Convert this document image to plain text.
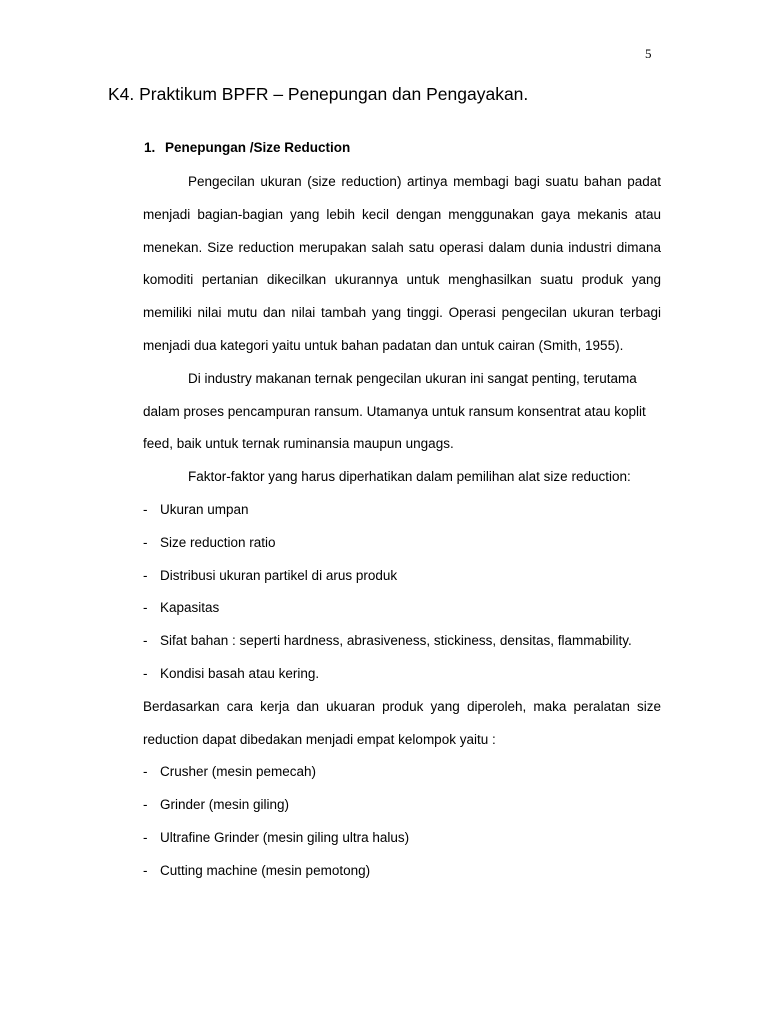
5
K4. Praktikum BPFR – Penepungan dan Pengayakan.
1. Penepungan /Size Reduction

Pengecilan ukuran (size reduction) artinya membagi bagi suatu bahan padat menjadi bagian-bagian yang lebih kecil dengan menggunakan gaya mekanis atau menekan. Size reduction merupakan salah satu operasi dalam dunia industri dimana komoditi pertanian dikecilkan ukurannya untuk menghasilkan suatu produk yang memiliki nilai mutu dan nilai tambah yang tinggi. Operasi pengecilan ukuran terbagi menjadi dua kategori yaitu untuk bahan padatan dan untuk cairan (Smith, 1955).

Di industry makanan ternak pengecilan ukuran ini sangat penting, terutama dalam proses pencampuran ransum. Utamanya untuk ransum konsentrat atau koplit feed, baik untuk ternak ruminansia maupun ungags.

Faktor-faktor yang harus diperhatikan dalam pemilihan alat size reduction:

- Ukuran umpan
- Size reduction ratio
- Distribusi ukuran partikel di arus produk
- Kapasitas
- Sifat bahan : seperti hardness, abrasiveness, stickiness, densitas, flammability.
- Kondisi basah atau kering.

Berdasarkan cara kerja dan ukuaran produk yang diperoleh, maka peralatan size reduction dapat dibedakan menjadi empat kelompok yaitu :

- Crusher (mesin pemecah)
- Grinder (mesin giling)
- Ultrafine Grinder (mesin giling ultra halus)
- Cutting machine (mesin pemotong)
